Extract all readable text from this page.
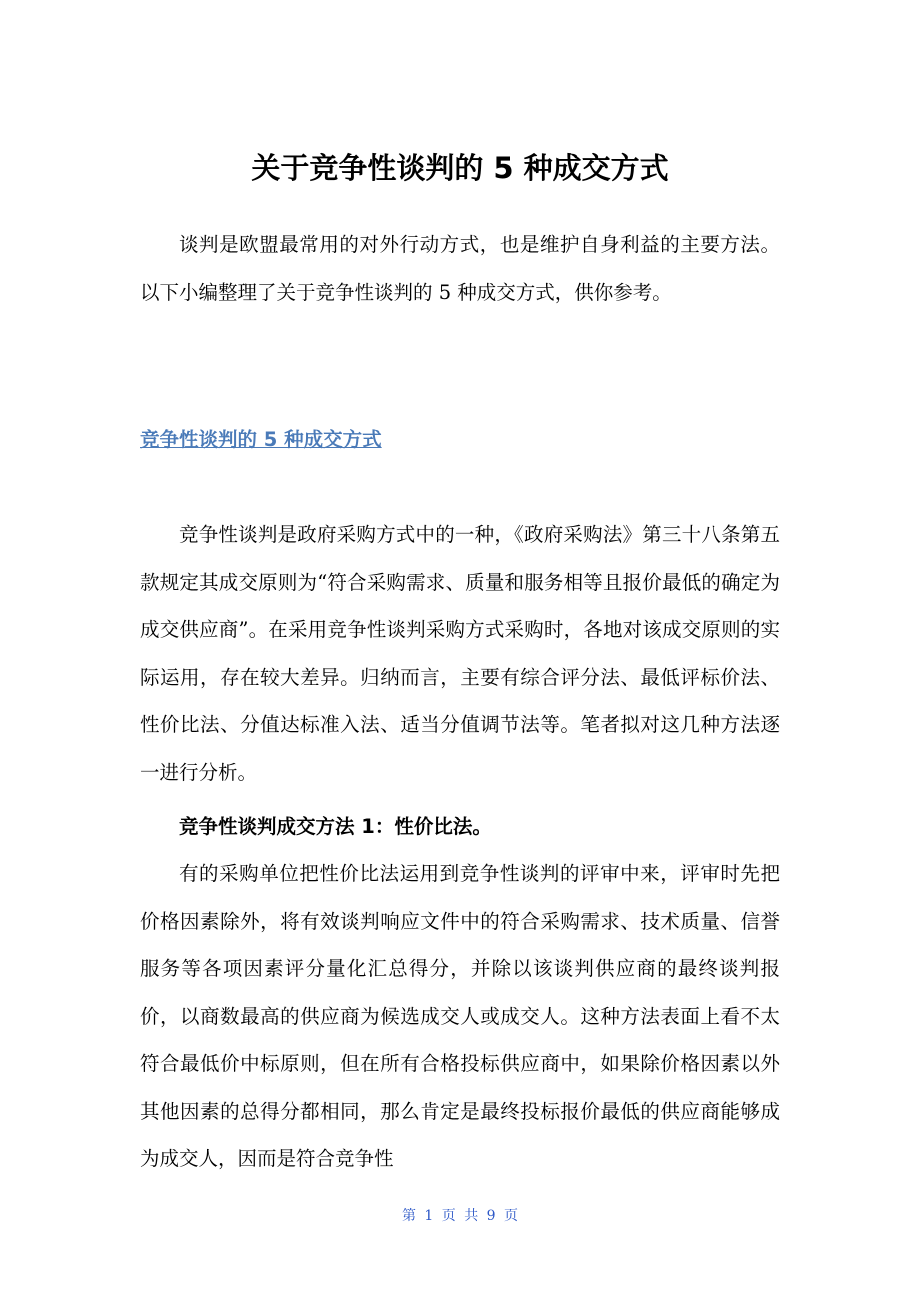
关于竞争性谈判的 5 种成交方式

谈判是欧盟最常用的对外行动方式，也是维护自身利益的主要方法。以下小编整理了关于竞争性谈判的 5 种成交方式，供你参考。

竞争性谈判的 5 种成交方式

竞争性谈判是政府采购方式中的一种，《政府采购法》第三十八条第五款规定其成交原则为“符合采购需求、质量和服务相等且报价最低的确定为成交供应商”。在采用竞争性谈判采购方式采购时，各地对该成交原则的实际运用，存在较大差异。归纳而言，主要有综合评分法、最低评标价法、性价比法、分值达标准入法、适当分值调节法等。笔者拟对这几种方法逐一进行分析。

竞争性谈判成交方法 1：性价比法。

有的采购单位把性价比法运用到竞争性谈判的评审中来，评审时先把价格因素除外，将有效谈判响应文件中的符合采购需求、技术质量、信誉服务等各项因素评分量化汇总得分，并除以该谈判供应商的最终谈判报价，以商数最高的供应商为候选成交人或成交人。这种方法表面上看不太符合最低价中标原则，但在所有合格投标供应商中，如果除价格因素以外其他因素的总得分都相同，那么肯定是最终投标报价最低的供应商能够成为成交人，因而是符合竞争性

第 1 页 共 9 页
